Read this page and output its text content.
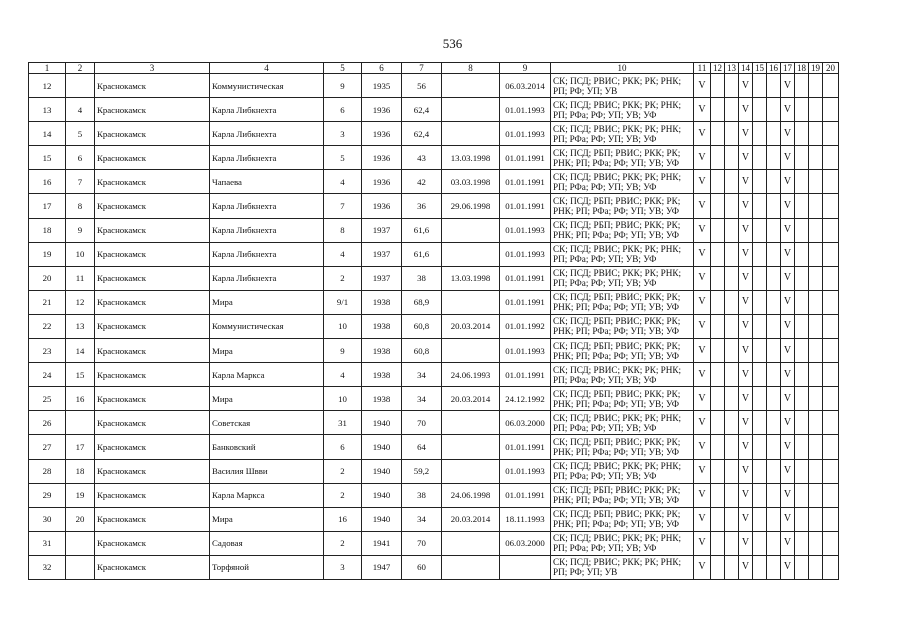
536
1	2	3	4	5	6	7	8	9	10	11	12	13	14	15	16	17	18	19	20
12		Краснокамск	Коммунистическая	9	1935	56		06.03.2014	СК; ПСД; РВИС; РКК; РК; РНК; РП; РФ; УП; УВ	V			V			V			
13	4	Краснокамск	Карла Либкнехта	6	1936	62,4		01.01.1993	СК; ПСД; РВИС; РКК; РК; РНК; РП; РФа; РФ; УП; УВ; УФ	V			V			V			
14	5	Краснокамск	Карла Либкнехта	3	1936	62,4		01.01.1993	СК; ПСД; РВИС; РКК; РК; РНК; РП; РФа; РФ; УП; УВ; УФ	V			V			V			
15	6	Краснокамск	Карла Либкнехта	5	1936	43	13.03.1998	01.01.1991	СК; ПСД; РБП; РВИС; РКК; РК; РНК; РП; РФа; РФ; УП; УВ; УФ	V			V			V			
16	7	Краснокамск	Чапаева	4	1936	42	03.03.1998	01.01.1991	СК; ПСД; РВИС; РКК; РК; РНК; РП; РФа; РФ; УП; УВ; УФ	V			V			V			
17	8	Краснокамск	Карла Либкнехта	7	1936	36	29.06.1998	01.01.1991	СК; ПСД; РБП; РВИС; РКК; РК; РНК; РП; РФа; РФ; УП; УВ; УФ	V			V			V			
18	9	Краснокамск	Карла Либкнехта	8	1937	61,6		01.01.1993	СК; ПСД; РБП; РВИС; РКК; РК; РНК; РП; РФа; РФ; УП; УВ; УФ	V			V			V			
19	10	Краснокамск	Карла Либкнехта	4	1937	61,6		01.01.1993	СК; ПСД; РВИС; РКК; РК; РНК; РП; РФа; РФ; УП; УВ; УФ	V			V			V			
20	11	Краснокамск	Карла Либкнехта	2	1937	38	13.03.1998	01.01.1991	СК; ПСД; РВИС; РКК; РК; РНК; РП; РФа; РФ; УП; УВ; УФ	V			V			V			
21	12	Краснокамск	Мира	9/1	1938	68,9		01.01.1991	СК; ПСД; РБП; РВИС; РКК; РК; РНК; РП; РФа; РФ; УП; УВ; УФ	V			V			V			
22	13	Краснокамск	Коммунистическая	10	1938	60,8	20.03.2014	01.01.1992	СК; ПСД; РБП; РВИС; РКК; РК; РНК; РП; РФа; РФ; УП; УВ; УФ	V			V			V			
23	14	Краснокамск	Мира	9	1938	60,8		01.01.1993	СК; ПСД; РБП; РВИС; РКК; РК; РНК; РП; РФа; РФ; УП; УВ; УФ	V			V			V			
24	15	Краснокамск	Карла Маркса	4	1938	34	24.06.1993	01.01.1991	СК; ПСД; РВИС; РКК; РК; РНК; РП; РФа; РФ; УП; УВ; УФ	V			V			V			
25	16	Краснокамск	Мира	10	1938	34	20.03.2014	24.12.1992	СК; ПСД; РБП; РВИС; РКК; РК; РНК; РП; РФа; РФ; УП; УВ; УФ	V			V			V			
26		Краснокамск	Советская	31	1940	70		06.03.2000	СК; ПСД; РВИС; РКК; РК; РНК; РП; РФа; РФ; УП; УВ; УФ	V			V			V			
27	17	Краснокамск	Банковский	6	1940	64		01.01.1991	СК; ПСД; РБП; РВИС; РКК; РК; РНК; РП; РФа; РФ; УП; УВ; УФ	V			V			V			
28	18	Краснокамск	Василия Швви	2	1940	59,2		01.01.1993	СК; ПСД; РВИС; РКК; РК; РНК; РП; РФа; РФ; УП; УВ; УФ	V			V			V			
29	19	Краснокамск	Карла Маркса	2	1940	38	24.06.1998	01.01.1991	СК; ПСД; РБП; РВИС; РКК; РК; РНК; РП; РФа; РФ; УП; УВ; УФ	V			V			V			
30	20	Краснокамск	Мира	16	1940	34	20.03.2014	18.11.1993	СК; ПСД; РБП; РВИС; РКК; РК; РНК; РП; РФа; РФ; УП; УВ; УФ	V			V			V			
31		Краснокамск	Садовая	2	1941	70		06.03.2000	СК; ПСД; РВИС; РКК; РК; РНК; РП; РФа; РФ; УП; УВ; УФ	V			V			V			
32		Краснокамск	Торфяной	3	1947	60			СК; ПСД; РВИС; РКК; РК; РНК; РП; РФ; УП; УВ	V			V			V			
